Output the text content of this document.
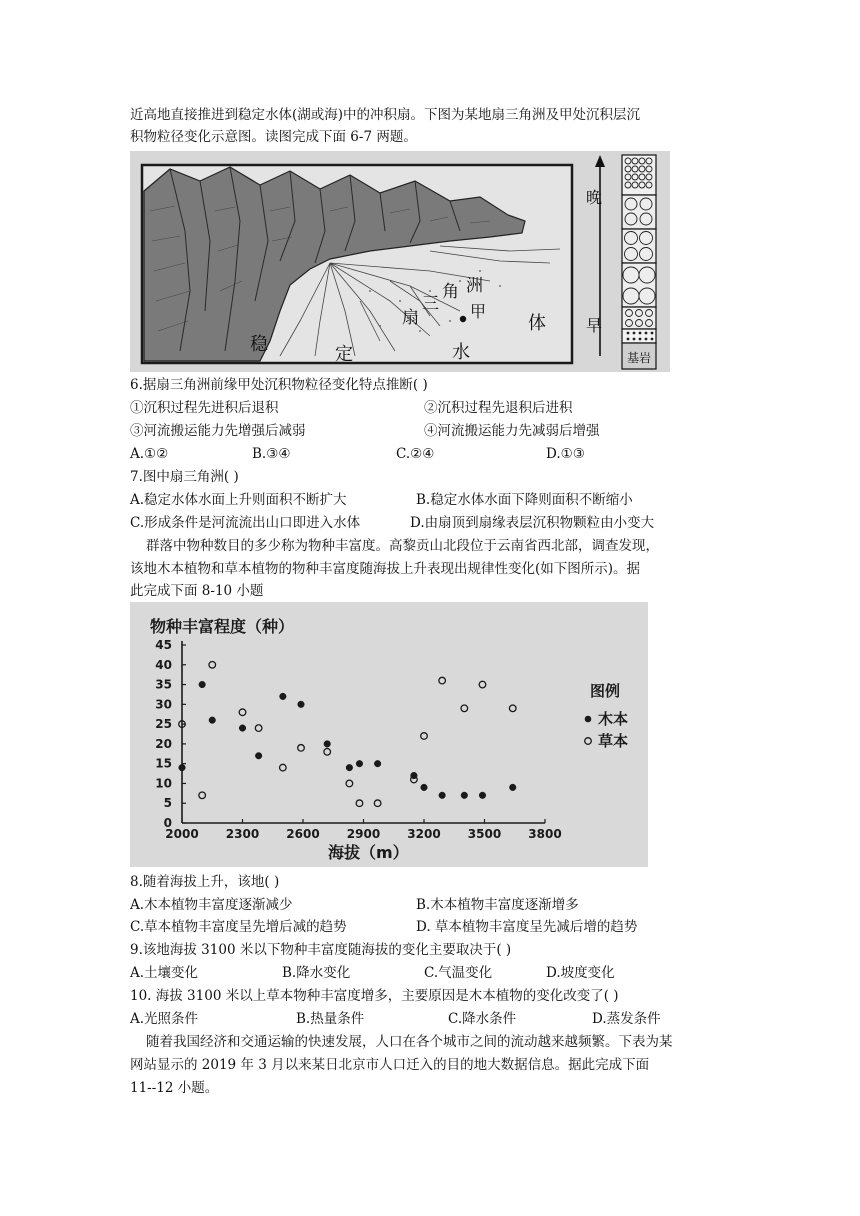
近高地直接推进到稳定水体(湖或海)中的冲积扇。下图为某地扇三角洲及甲处沉积层沉
积物粒径变化示意图。读图完成下面 6-7 两题。
稳	定	水
体
扇
三
角 洲
甲
晚
早
基岩
6.据扇三角洲前缘甲处沉积物粒径变化特点推断( )
①沉积过程先进积后退积	②沉积过程先退积后进积
③河流搬运能力先增强后减弱	④河流搬运能力先减弱后增强
A.①②	B.③④	C.②④	D.①③
7.图中扇三角洲( )
A.稳定水体水面上升则面积不断扩大	B.稳定水体水面下降则面积不断缩小
C.形成条件是河流流出山口即进入水体	D.由扇顶到扇缘表层沉积物颗粒由小变大
群落中物种数目的多少称为物种丰富度。高黎贡山北段位于云南省西北部，调查发现，
该地木本植物和草本植物的物种丰富度随海拔上升表现出规律性变化(如下图所示)。据
此完成下面 8-10 小题
物种丰富程度（种）
2000 2300 2600 2900 3200 3500 3800
0
5
10
15
20
25
30
35
40
45
海拔（m）
图例
木本
草本
8.随着海拔上升，该地( )
A.木本植物丰富度逐渐减少	B.木本植物丰富度逐渐增多
C.草本植物丰富度呈先增后减的趋势	D. 草本植物丰富度呈先减后增的趋势
9.该地海拔 3100 米以下物种丰富度随海拔的变化主要取决于( )
A.土壤变化	B.降水变化	C.气温变化	D.坡度变化
10. 海拔 3100 米以上草本物种丰富度增多，主要原因是木本植物的变化改变了( )
A.光照条件	B.热量条件	C.降水条件	D.蒸发条件
随着我国经济和交通运输的快速发展，人口在各个城市之间的流动越来越频繁。下表为某
网站显示的 2019 年 3 月以来某日北京市人口迁入的目的地大数据信息。据此完成下面
11--12 小题。
